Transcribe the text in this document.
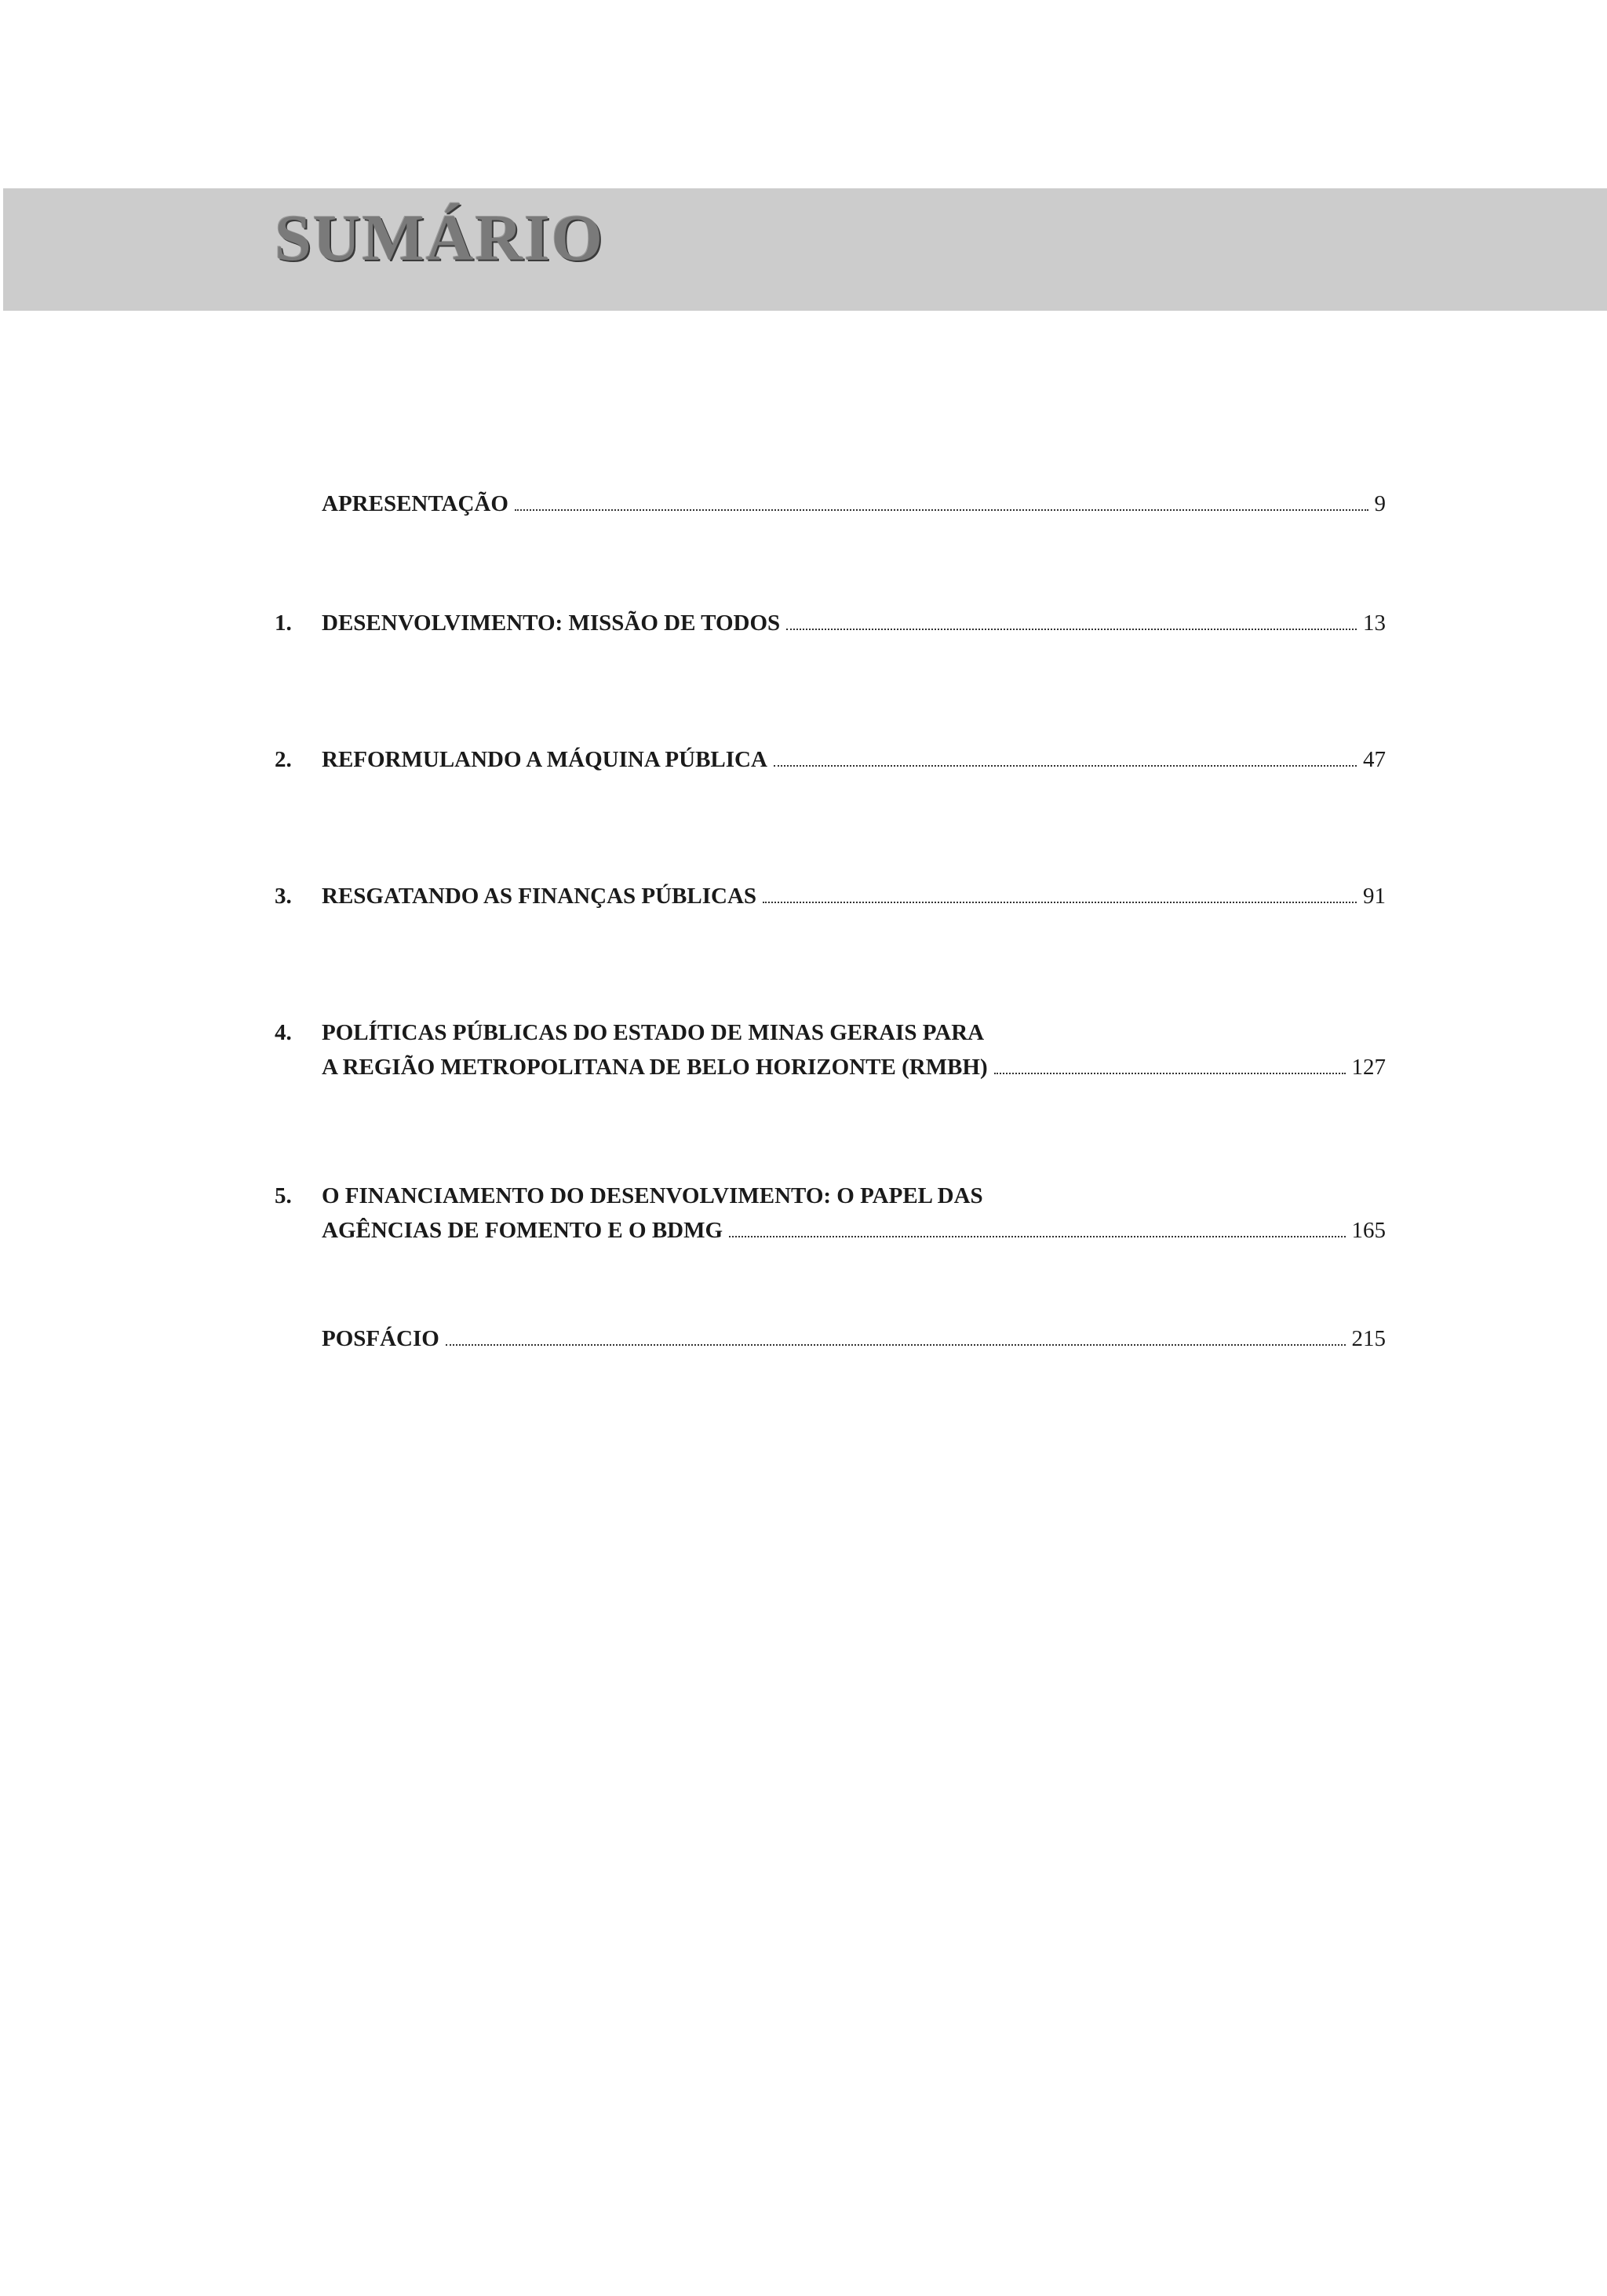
SUMÁRIO
APRESENTAÇÃO	9
1. DESENVOLVIMENTO: MISSÃO DE TODOS	13
2. REFORMULANDO A MÁQUINA PÚBLICA	47
3. RESGATANDO AS FINANÇAS PÚBLICAS	91
4. POLÍTICAS PÚBLICAS DO ESTADO DE MINAS GERAIS PARA
A REGIÃO METROPOLITANA DE BELO HORIZONTE (RMBH)	127
5. O FINANCIAMENTO DO DESENVOLVIMENTO: O PAPEL DAS
AGÊNCIAS DE FOMENTO E O BDMG	165
POSFÁCIO	215
